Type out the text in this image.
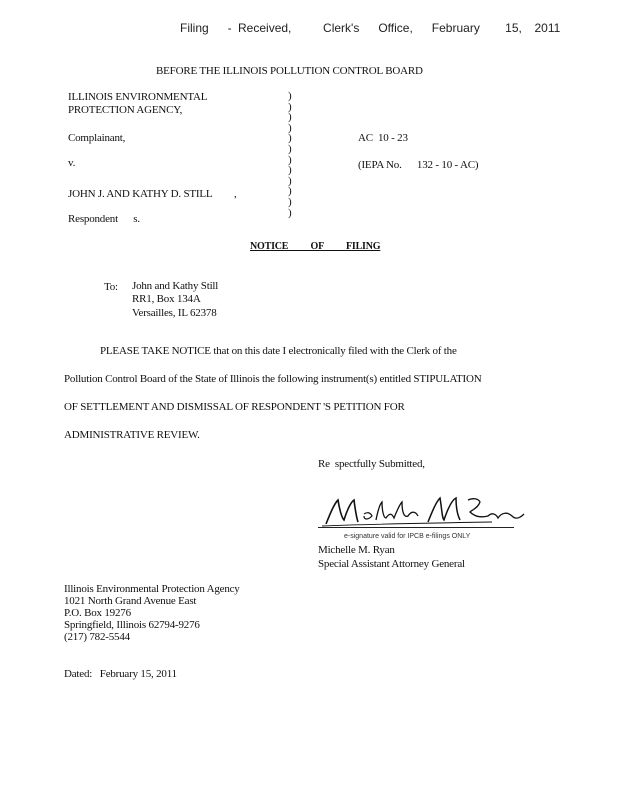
Filing   - Received,     Clerk's   Office,   February    15,  2011
BEFORE THE ILLINOIS POLLUTION CONTROL BOARD
ILLINOIS ENVIRONMENTAL
PROTECTION AGENCY,
Complainant,
v.
JOHN J. AND KATHY D. STILL ,
Respondent      s.
)
)
)
)
)
)
)
)
)
)
)
)
AC  10 - 23
(IEPA No.      132 - 10 - AC)
NOTICE OF FILING
To: John and Kathy Still
RR1, Box 134A
Versailles, IL 62378
PLEASE TAKE NOTICE that on this date I electronically filed with the Clerk of the
Pollution Control Board of the State of Illinois the following instrument(s) entitled STIPULATION
OF SETTLEMENT AND DISMISSAL OF RESPONDENT 'S PETITION FOR
ADMINISTRATIVE REVIEW.
Re  spectfully Submitted,
e-signature valid for IPCB e-filings ONLY
Michelle M. Ryan
Special Assistant Attorney General
Illinois Environmental Protection Agency
1021 North Grand Avenue East
P.O. Box 19276
Springfield, Illinois 62794-9276
(217) 782-5544
Dated:   February 15, 2011
